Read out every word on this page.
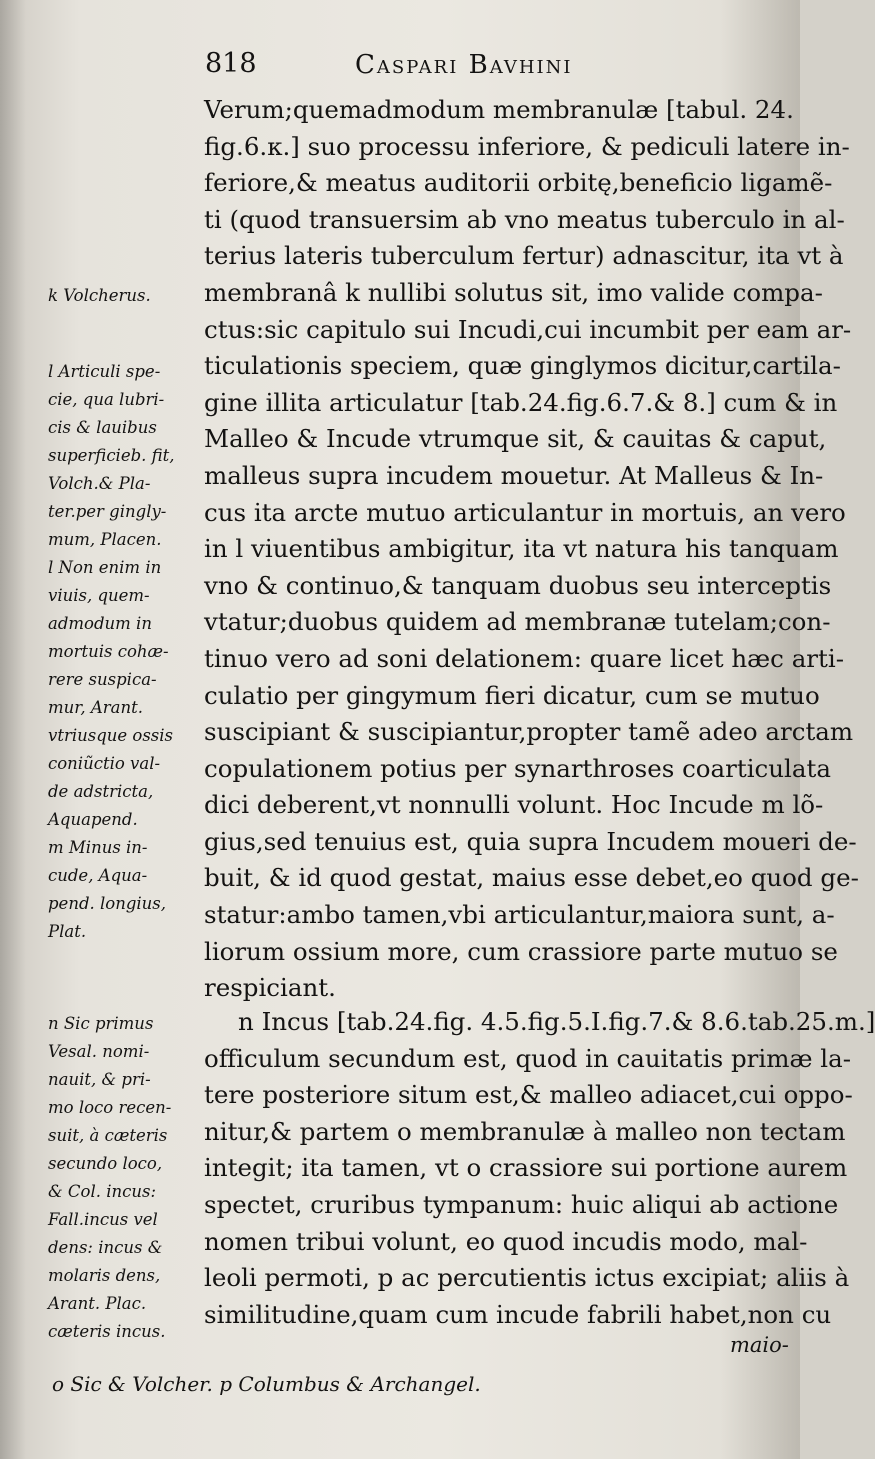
818	Caspari Bavhini
Verum;quemadmodum membranulæ [tabul. 24.
fig.6.κ.] suo processu inferiore, & pediculi latere in-
feriore,& meatus auditorii orbitę,beneficio ligamẽ-
ti (quod transuersim ab vno meatus tuberculo in al-
terius lateris tuberculum fertur) adnascitur, ita vt à
membranâ k nullibi solutus sit, imo valide compa-
ctus:sic capitulo sui Incudi,cui incumbit per eam ar-
ticulationis speciem, quæ ginglymos dicitur,cartila-
gine illita articulatur [tab.24.fig.6.7.& 8.] cum & in
Malleo & Incude vtrumque sit, & cauitas & caput,
malleus supra incudem mouetur. At Malleus & In-
cus ita arcte mutuo articulantur in mortuis, an vero
in l viuentibus ambigitur, ita vt natura his tanquam
vno & continuo,& tanquam duobus seu interceptis
vtatur;duobus quidem ad membranæ tutelam;con-
tinuo vero ad soni delationem: quare licet hæc arti-
culatio per gingymum fieri dicatur, cum se mutuo
suscipiant & suscipiantur,propter tamẽ adeo arctam
copulationem potius per synarthroses coarticulata
dici deberent,vt nonnulli volunt. Hoc Incude m lõ-
gius,sed tenuius est, quia supra Incudem moueri de-
buit, & id quod gestat, maius esse debet,eo quod ge-
statur:ambo tamen,vbi articulantur,maiora sunt, a-
liorum ossium more, cum crassiore parte mutuo se
respiciant.
n Incus [tab.24.fig. 4.5.fig.5.I.fig.7.& 8.6.tab.25.m.]
officulum secundum est, quod in cauitatis primæ la-
tere posteriore situm est,& malleo adiacet,cui oppo-
nitur,& partem o membranulæ à malleo non tectam
integit; ita tamen, vt o crassiore sui portione aurem
spectet, cruribus tympanum: huic aliqui ab actione
nomen tribui volunt, eo quod incudis modo, mal-
leoli permoti, p ac percutientis ictus excipiat; aliis à
similitudine,quam cum incude fabrili habet,non cu
k Volcherus.
l Articuli spe-
cie, qua lubri-
cis & lauibus
superficieb. fit,
Volch.& Pla-
ter.per gingly-
mum, Placen.
l Non enim in
viuis, quem-
admodum in
mortuis cohæ-
rere suspica-
mur, Arant.
vtriusque ossis
coniũctio val-
de adstricta,
Aquapend.
m Minus in-
cude, Aqua-
pend. longius,
Plat.
n Sic primus
Vesal. nomi-
nauit, & pri-
mo loco recen-
suit, à cæteris
secundo loco,
& Col. incus:
Fall.incus vel
dens: incus &
molaris dens,
Arant. Plac.
cæteris incus.
maio-
o Sic & Volcher. p Columbus & Archangel.
